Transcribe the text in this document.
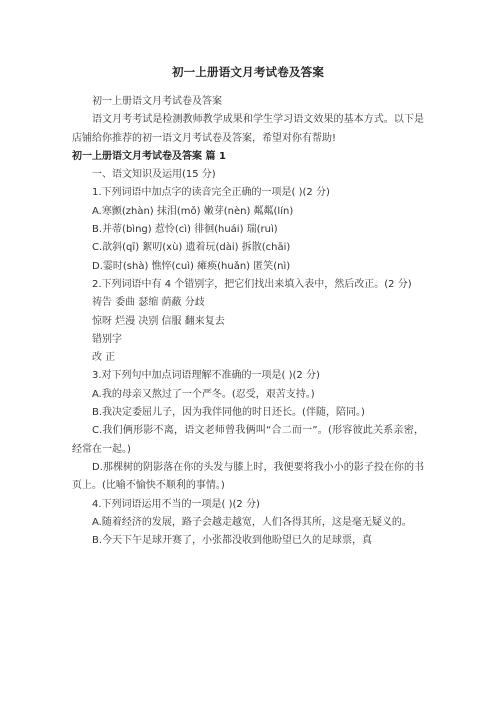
初一上册语文月考试卷及答案

初一上册语文月考试卷及答案

语文月考考试是检测教师教学成果和学生学习语文效果的基本方式。以下是店铺给你推荐的初一语文月考试卷及答案，希望对你有帮助!

初一上册语文月考试卷及答案 篇 1

一、语文知识及运用(15 分)

1.下列词语中加点字的读音完全正确的一项是( )(2 分)

A.寒颤(zhàn) 抹泪(mǒ) 嫩芽(nèn) 粼粼(lín)

B.并蒂(bìng) 惹怜(cì) 徘徊(huái) 瑞(ruì)

C.歆斜(qī) 絮叨(xù) 遗着玩(dài) 拆散(chāi)

D.霎时(shà) 憔悴(cuì) 瘫痪(huǎn) 匿笑(nì)

2.下列词语中有 4 个错别字，把它们找出来填入表中，然后改正。(2 分)

祷告 委曲 瑟缩 荫蔽 分歧

惊呀 烂漫 决别 信服 翻来复去

错别字

改 正

3.对下列句中加点词语理解不准确的一项是( )(2 分)

A.我的母亲又熬过了一个严冬。(忍受，艰苦支持。)

B.我决定委屈儿子，因为我伴同他的时日还长。(伴随，陪同。)

C.我们俩形影不离，语文老师曾我俩叫“合二而一”。(形容彼此关系亲密，经常在一起。)

D.那棵树的阴影落在你的头发与膝上时，我便要将我小小的影子投在你的书页上。(比喻不愉快不顺利的事情。)

4.下列词语运用不当的一项是( )(2 分)

A.随着经济的发展，路子会越走越宽，人们各得其所，这是毫无疑义的。

B.今天下午足球开赛了，小张都没收到他盼望已久的足球票，真
